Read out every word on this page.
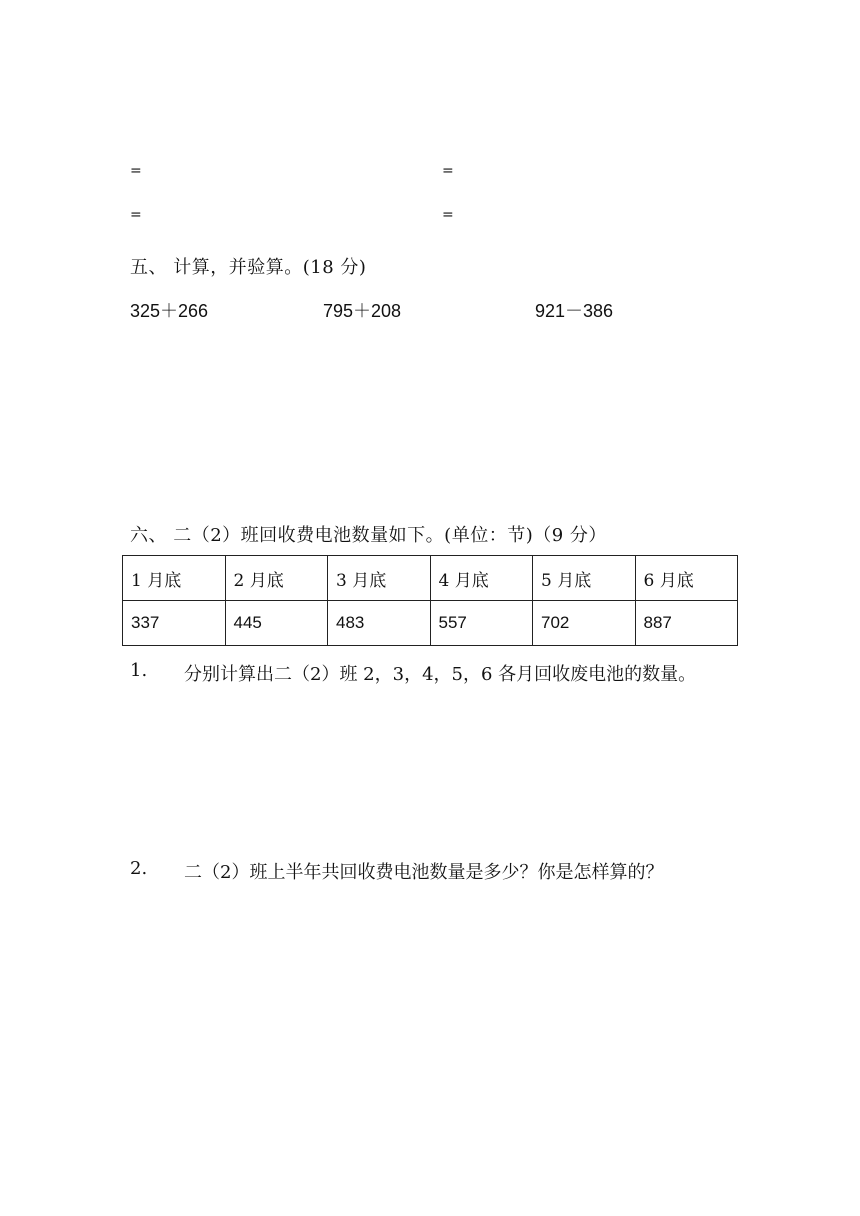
=	=
=	=
五、 计算，并验算。(18 分)
325＋266	795＋208	921－386
六、 二（2）班回收费电池数量如下。(单位：节)（9 分）
1 月底	2 月底	3 月底	4 月底	5 月底	6 月底
337	445	483	557	702	887
1. 分别计算出二（2）班 2，3，4，5，6 各月回收废电池的数量。
2. 二（2）班上半年共回收费电池数量是多少？你是怎样算的？
